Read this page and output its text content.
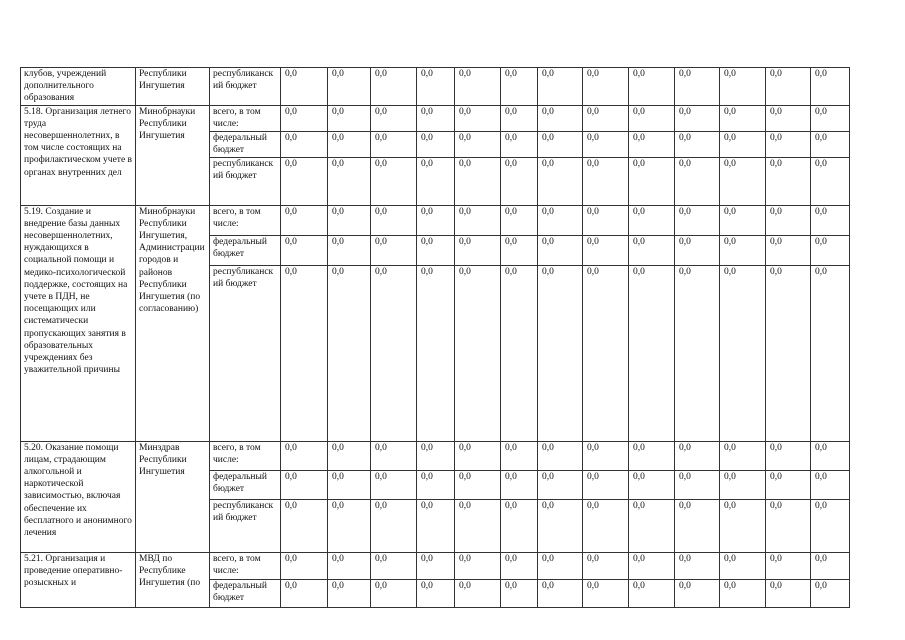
клубов, учреждений дополнительного образования	Республики Ингушетия	республиканский бюджет	0,0	0,0	0,0	0,0	0,0	0,0	0,0	0,0	0,0	0,0	0,0	0,0	0,0
5.18. Организация летнего труда несовершеннолетних, в том числе состоящих на профилактическом учете в органах внутренних дел	Минобрнауки Республики Ингушетия	всего, в том числе:	0,0	0,0	0,0	0,0	0,0	0,0	0,0	0,0	0,0	0,0	0,0	0,0	0,0
		федеральный бюджет	0,0	0,0	0,0	0,0	0,0	0,0	0,0	0,0	0,0	0,0	0,0	0,0	0,0
		республиканский бюджет	0,0	0,0	0,0	0,0	0,0	0,0	0,0	0,0	0,0	0,0	0,0	0,0	0,0
5.19. Создание и внедрение базы данных несовершеннолетних, нуждающихся в социальной помощи и медико-психологической поддержке, состоящих на учете в ПДН, не посещающих или систематически пропускающих занятия в образовательных учреждениях без уважительной причины	Минобрнауки Республики Ингушетия, Администрации городов и районов Республики Ингушетия (по согласованию)	всего, в том числе:	0,0	0,0	0,0	0,0	0,0	0,0	0,0	0,0	0,0	0,0	0,0	0,0	0,0
		федеральный бюджет	0,0	0,0	0,0	0,0	0,0	0,0	0,0	0,0	0,0	0,0	0,0	0,0	0,0
		республиканский бюджет	0,0	0,0	0,0	0,0	0,0	0,0	0,0	0,0	0,0	0,0	0,0	0,0	0,0
5.20. Оказание помощи лицам, страдающим алкогольной и наркотической зависимостью, включая обеспечение их бесплатного и анонимного лечения	Минздрав Республики Ингушетия	всего, в том числе:	0,0	0,0	0,0	0,0	0,0	0,0	0,0	0,0	0,0	0,0	0,0	0,0	0,0
		федеральный бюджет	0,0	0,0	0,0	0,0	0,0	0,0	0,0	0,0	0,0	0,0	0,0	0,0	0,0
		республиканский бюджет	0,0	0,0	0,0	0,0	0,0	0,0	0,0	0,0	0,0	0,0	0,0	0,0	0,0
5.21. Организация и проведение оперативно-розыскных и	МВД по Республике Ингушетия (по	всего, в том числе:	0,0	0,0	0,0	0,0	0,0	0,0	0,0	0,0	0,0	0,0	0,0	0,0	0,0
		федеральный бюджет	0,0	0,0	0,0	0,0	0,0	0,0	0,0	0,0	0,0	0,0	0,0	0,0	0,0
